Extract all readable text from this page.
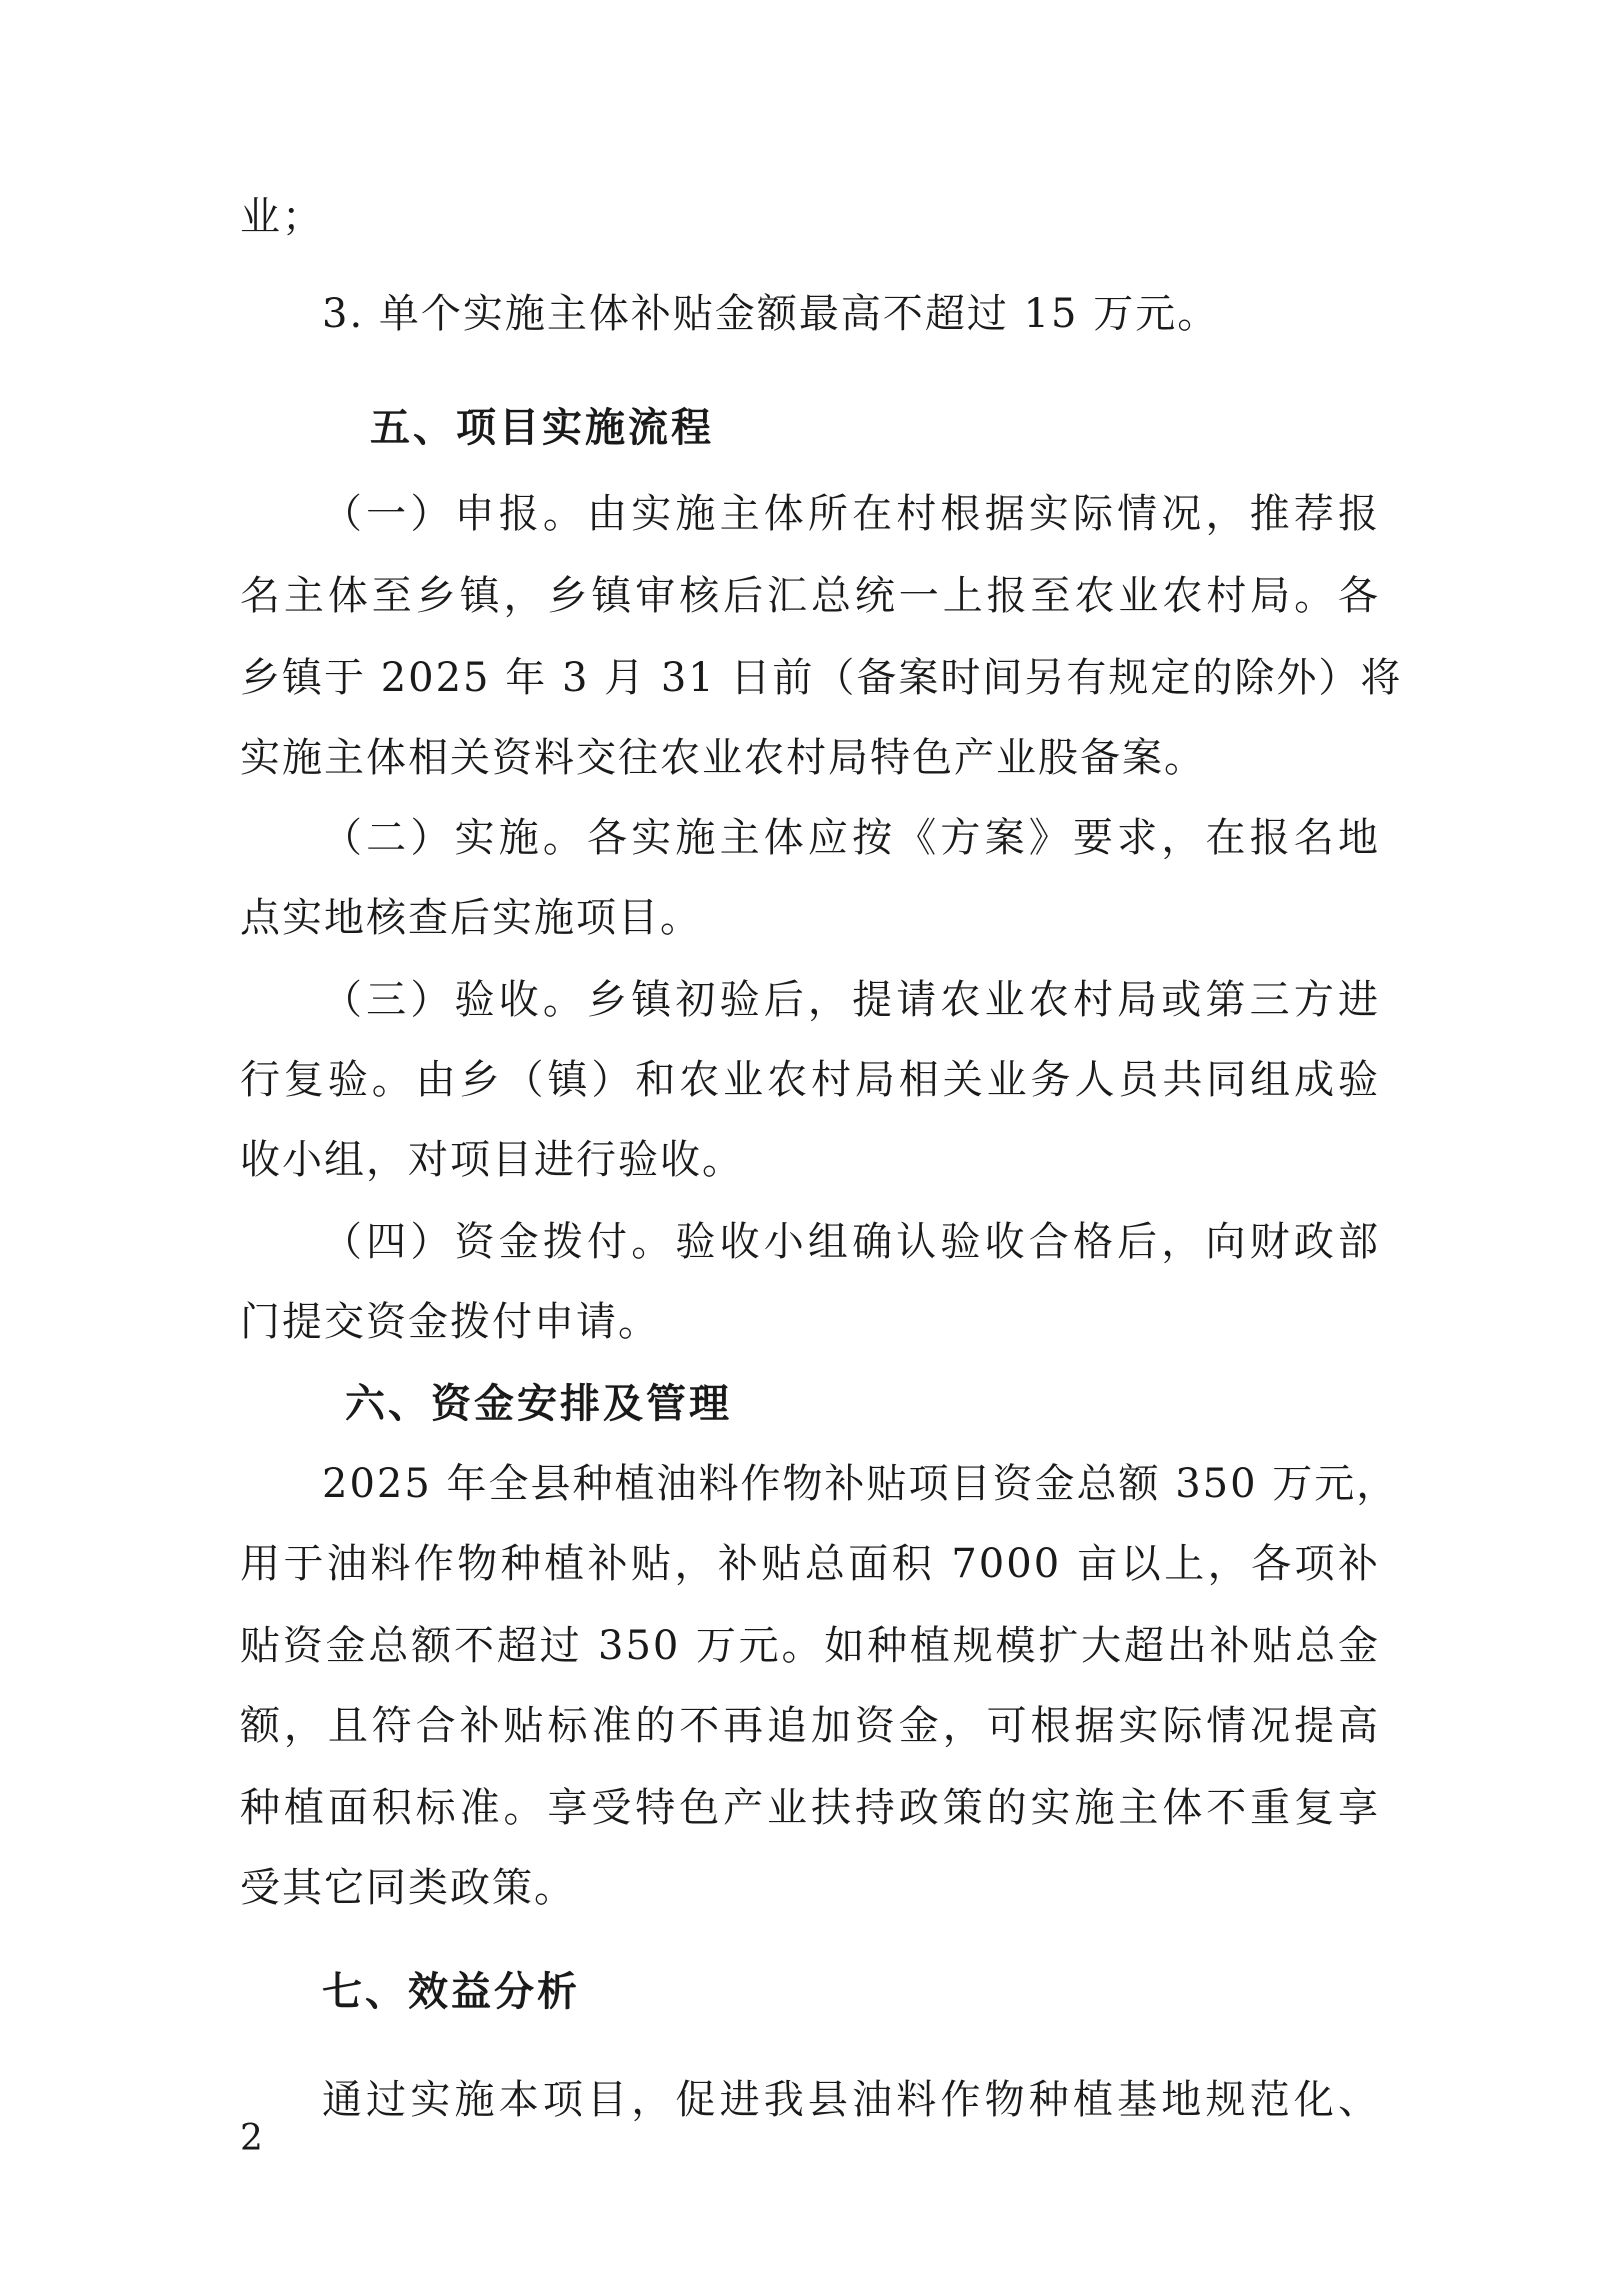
业；
3. 单个实施主体补贴金额最高不超过 15 万元。
五、项目实施流程
（一）申报。由实施主体所在村根据实际情况，推荐报
名主体至乡镇，乡镇审核后汇总统一上报至农业农村局。各
乡镇于 2025 年 3 月 31 日前（备案时间另有规定的除外）将
实施主体相关资料交往农业农村局特色产业股备案。
（二）实施。各实施主体应按《方案》要求，在报名地
点实地核查后实施项目。
（三）验收。乡镇初验后，提请农业农村局或第三方进
行复验。由乡（镇）和农业农村局相关业务人员共同组成验
收小组，对项目进行验收。
（四）资金拨付。验收小组确认验收合格后，向财政部
门提交资金拨付申请。
六、资金安排及管理
2025 年全县种植油料作物补贴项目资金总额 350 万元，
用于油料作物种植补贴，补贴总面积 7000 亩以上，各项补
贴资金总额不超过 350 万元。如种植规模扩大超出补贴总金
额，且符合补贴标准的不再追加资金，可根据实际情况提高
种植面积标准。享受特色产业扶持政策的实施主体不重复享
受其它同类政策。
七、效益分析
通过实施本项目，促进我县油料作物种植基地规范化、
2
